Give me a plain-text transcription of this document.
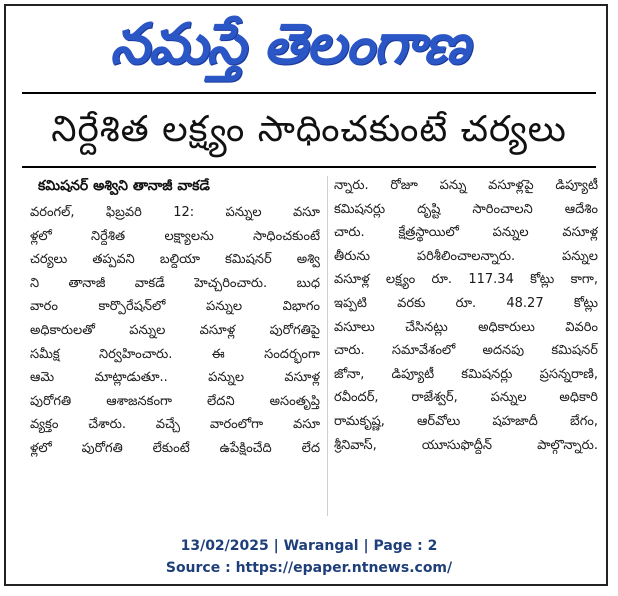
నమస్తే తెలంగాణ
నిర్దేశిత లక్ష్యం సాధించకుంటే చర్యలు
కమిషనర్ అశ్విని తానాజీ వాకడే
వరంగల్, ఫిబ్రవరి 12: పన్నుల వసూ
ళ్లలో నిర్దేశిత లక్ష్యాలను సాధించకుంటే
చర్యలు తప్పవని బల్దియా కమిషనర్ అశ్వి
ని తానాజీ వాకడే హెచ్చరించారు. బుధ
వారం కార్పొరేషన్‌లో పన్నుల విభాగం
అధికారులతో పన్నుల వసూళ్ల పురోగతిపై
సమీక్ష నిర్వహించారు. ఈ సందర్భంగా
ఆమె మాట్లాడుతూ.. పన్నుల వసూళ్ల
పురోగతి ఆశాజనకంగా లేదని అసంతృప్తి
వ్యక్తం చేశారు. వచ్చే వారంలోగా వసూ
ళ్లలో పురోగతి లేకుంటే ఉపేక్షించేది లేద
న్నారు. రోజూ పన్ను వసూళ్లపై డిప్యూటీ
కమిషనర్లు దృష్టి సారించాలని ఆదేశిం
చారు. క్షేత్రస్థాయిలో పన్నుల వసూళ్ల
తీరును పరిశీలించాలన్నారు. పన్నుల
వసూళ్ల లక్ష్యం రూ. 117.34 కోట్లు కాగా,
ఇప్పటి వరకు రూ. 48.27 కోట్లు
వసూలు చేసినట్లు అధికారులు వివరిం
చారు. సమావేశంలో అదనపు కమిషనర్
జోనా, డిప్యూటీ కమిషనర్లు ప్రసన్నరాణి,
రవీందర్, రాజేశ్వర్, పన్నుల అధికారి
రామకృష్ణ, ఆర్‌వోలు షహజాదీ బేగం,
శ్రీనివాస్, యూసుఫొద్దీన్ పాల్గొన్నారు.
13/02/2025 | Warangal | Page : 2
Source : https://epaper.ntnews.com/
